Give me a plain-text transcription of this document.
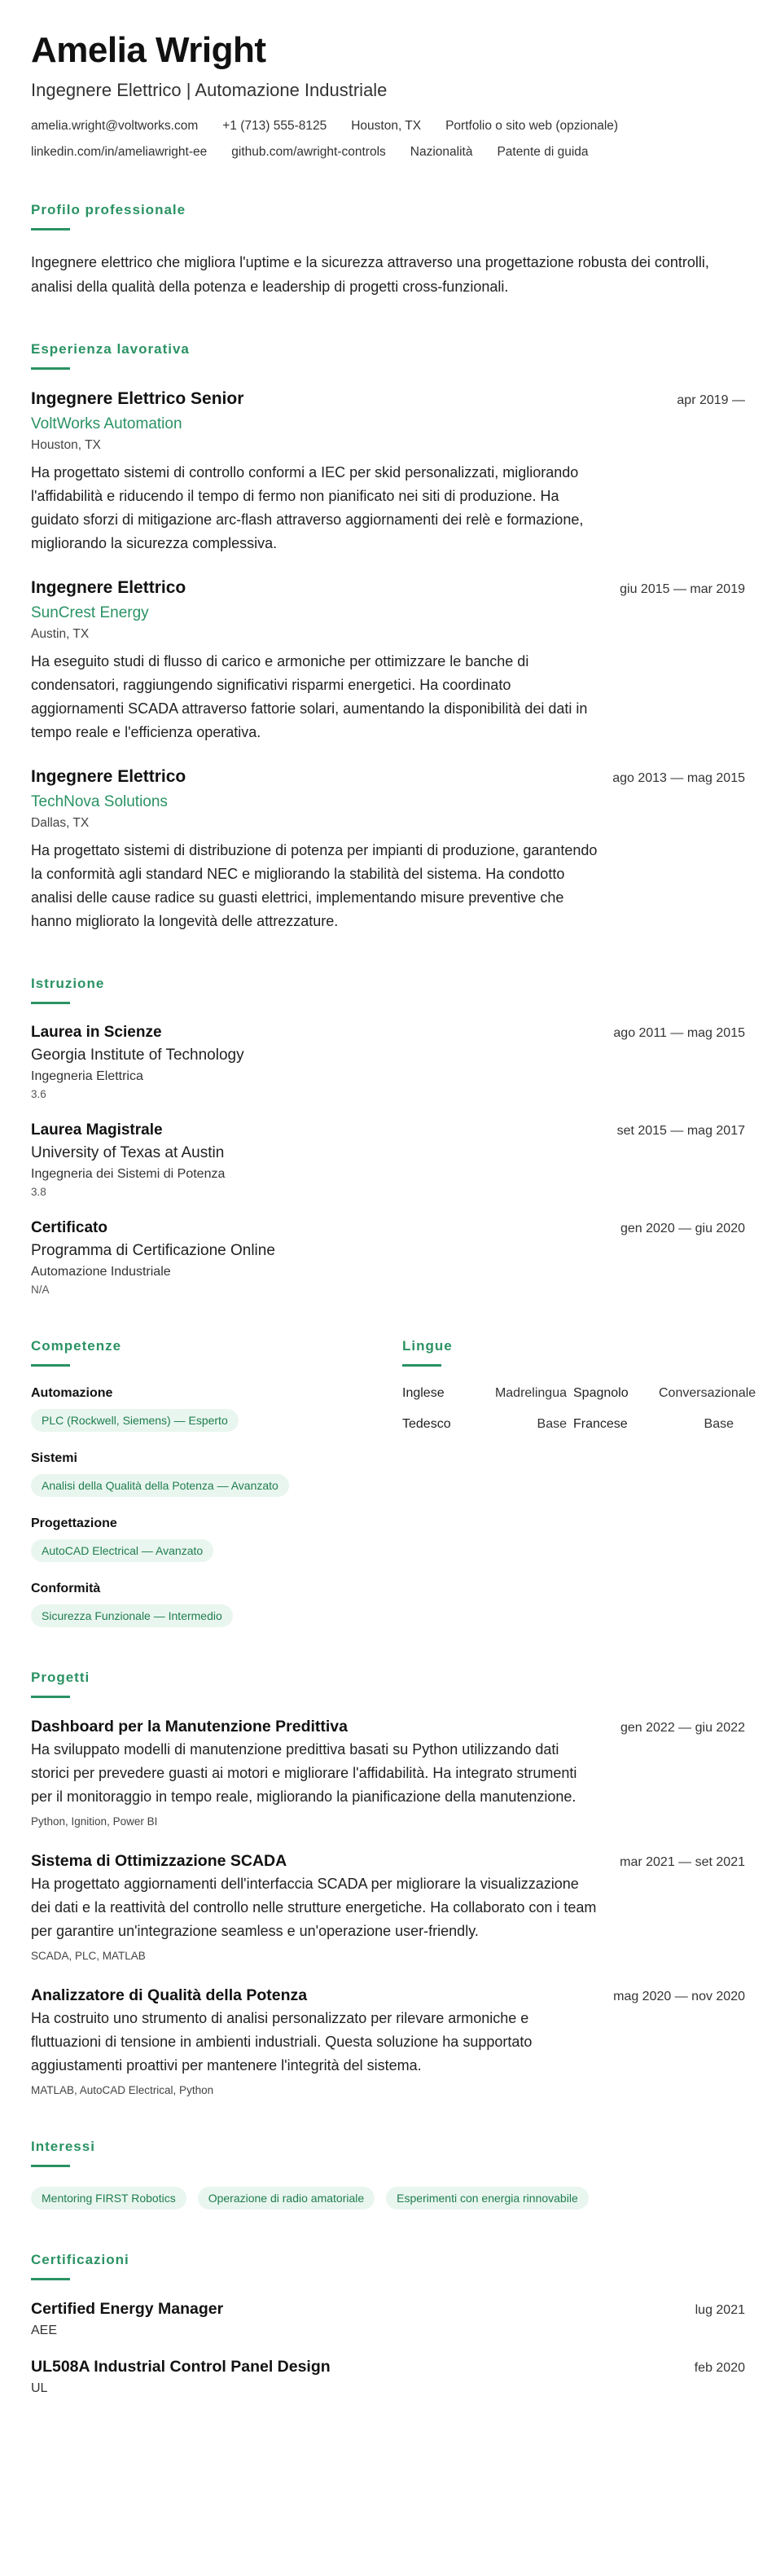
Amelia Wright
Ingegnere Elettrico | Automazione Industriale
amelia.wright@voltworks.com +1 (713) 555-8125 Houston, TX Portfolio o sito web (opzionale)
linkedin.com/in/ameliawright-ee github.com/awright-controls Nazionalità Patente di guida
Profilo professionale
Ingegnere elettrico che migliora l'uptime e la sicurezza attraverso una progettazione robusta dei controlli, analisi della qualità della potenza e leadership di progetti cross-funzionali.
Esperienza lavorativa
Ingegnere Elettrico Senior	apr 2019 —
VoltWorks Automation
Houston, TX
Ha progettato sistemi di controllo conformi a IEC per skid personalizzati, migliorando l'affidabilità e riducendo il tempo di fermo non pianificato nei siti di produzione. Ha guidato sforzi di mitigazione arc-flash attraverso aggiornamenti dei relè e formazione, migliorando la sicurezza complessiva.
Ingegnere Elettrico	giu 2015 — mar 2019
SunCrest Energy
Austin, TX
Ha eseguito studi di flusso di carico e armoniche per ottimizzare le banche di condensatori, raggiungendo significativi risparmi energetici. Ha coordinato aggiornamenti SCADA attraverso fattorie solari, aumentando la disponibilità dei dati in tempo reale e l'efficienza operativa.
Ingegnere Elettrico	ago 2013 — mag 2015
TechNova Solutions
Dallas, TX
Ha progettato sistemi di distribuzione di potenza per impianti di produzione, garantendo la conformità agli standard NEC e migliorando la stabilità del sistema. Ha condotto analisi delle cause radice su guasti elettrici, implementando misure preventive che hanno migliorato la longevità delle attrezzature.
Istruzione
Laurea in Scienze	ago 2011 — mag 2015
Georgia Institute of Technology
Ingegneria Elettrica
3.6
Laurea Magistrale	set 2015 — mag 2017
University of Texas at Austin
Ingegneria dei Sistemi di Potenza
3.8
Certificato	gen 2020 — giu 2020
Programma di Certificazione Online
Automazione Industriale
N/A
Competenze
Automazione
PLC (Rockwell, Siemens) — Esperto
Sistemi
Analisi della Qualità della Potenza — Avanzato
Progettazione
AutoCAD Electrical — Avanzato
Conformità
Sicurezza Funzionale — Intermedio
Lingue
Inglese	Madrelingua Spagnolo	Conversazionale
Tedesco	Base Francese	Base
Progetti
Dashboard per la Manutenzione Predittiva	gen 2022 — giu 2022
Ha sviluppato modelli di manutenzione predittiva basati su Python utilizzando dati storici per prevedere guasti ai motori e migliorare l'affidabilità. Ha integrato strumenti per il monitoraggio in tempo reale, migliorando la pianificazione della manutenzione.
Python, Ignition, Power BI
Sistema di Ottimizzazione SCADA	mar 2021 — set 2021
Ha progettato aggiornamenti dell'interfaccia SCADA per migliorare la visualizzazione dei dati e la reattività del controllo nelle strutture energetiche. Ha collaborato con i team per garantire un'integrazione seamless e un'operazione user-friendly.
SCADA, PLC, MATLAB
Analizzatore di Qualità della Potenza	mag 2020 — nov 2020
Ha costruito uno strumento di analisi personalizzato per rilevare armoniche e fluttuazioni di tensione in ambienti industriali. Questa soluzione ha supportato aggiustamenti proattivi per mantenere l'integrità del sistema.
MATLAB, AutoCAD Electrical, Python
Interessi
Mentoring FIRST Robotics	Operazione di radio amatoriale	Esperimenti con energia rinnovabile
Certificazioni
Certified Energy Manager	lug 2021
AEE
UL508A Industrial Control Panel Design	feb 2020
UL
